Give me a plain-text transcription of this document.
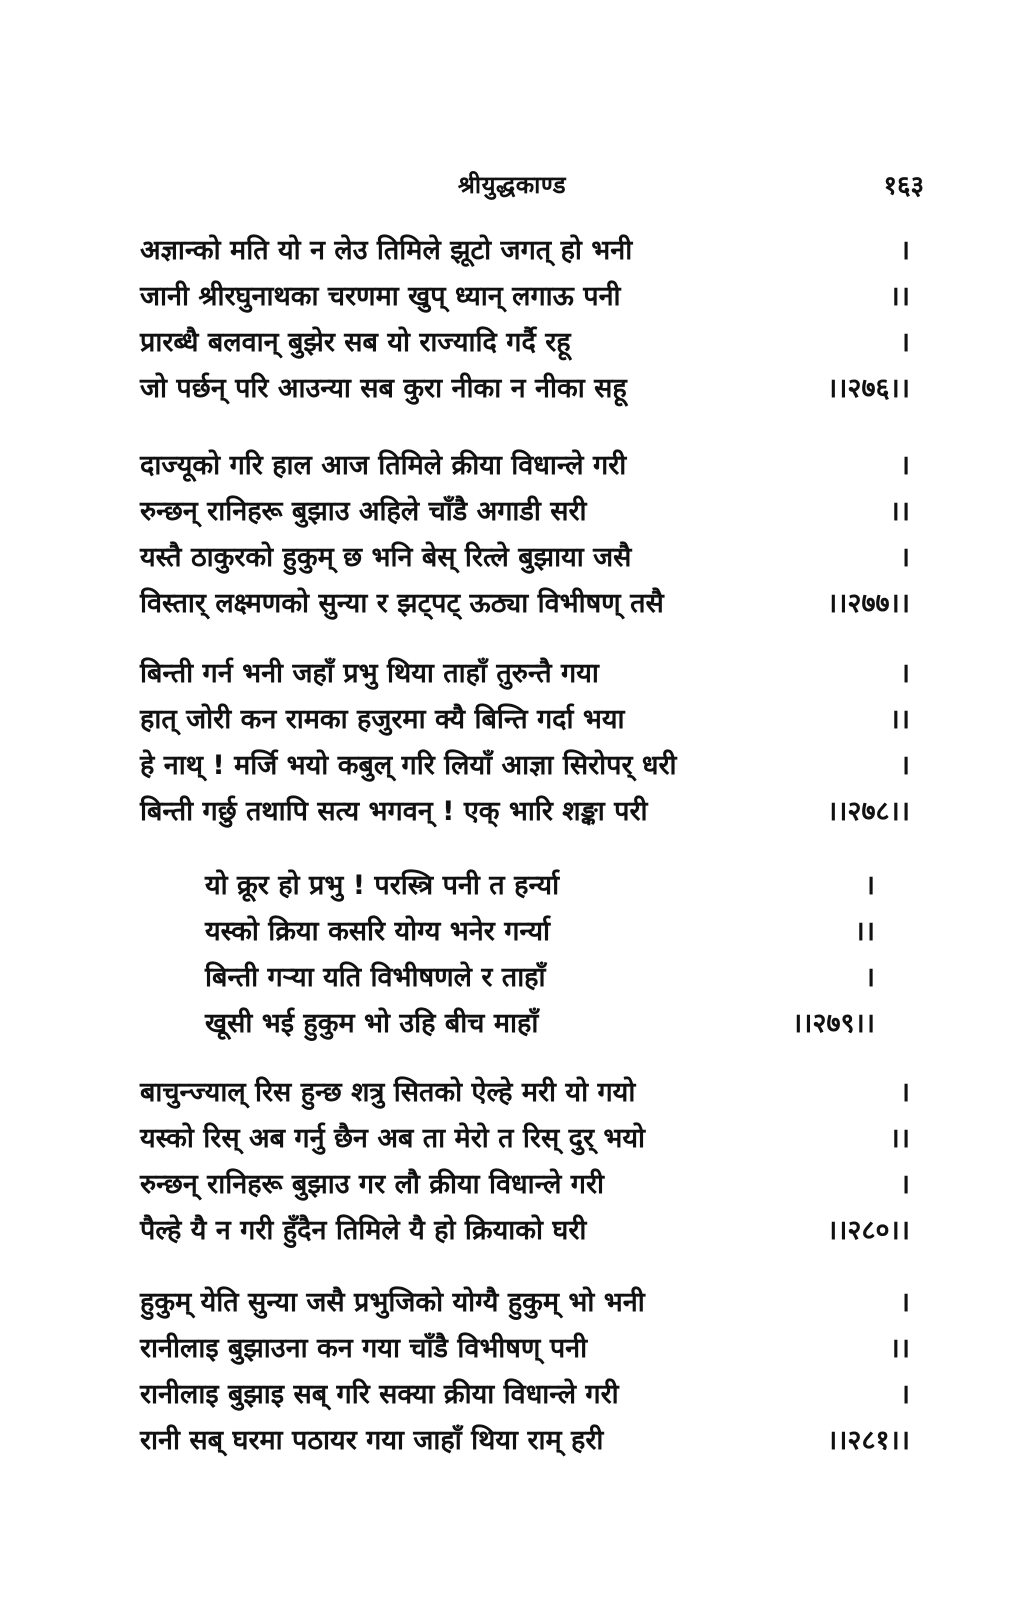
श्रीयुद्धकाण्ड	१६३
अज्ञान्को मति यो न लेउ तिमिले झूटो जगत् हो भनी	।
जानी श्रीरघुनाथका चरणमा खुप् ध्यान् लगाऊ पनी	।।
प्रारब्धै बलवान् बुझेर सब यो राज्यादि गर्दै रहू	।
जो पर्छन् परि आउन्या सब कुरा नीका न नीका सहू	।।२७६।।
दाज्यूको गरि हाल आज तिमिले क्रीया विधान्ले गरी	।
रुन्छन् रानिहरू बुझाउ अहिले चाँडै अगाडी सरी	।।
यस्तै ठाकुरको हुकुम् छ भनि बेस् रित्ले बुझाया जसै	।
विस्तार् लक्ष्मणको सुन्या र झट्पट् ऊठ्या विभीषण् तसै	।।२७७।।
बिन्ती गर्न भनी जहाँ प्रभु थिया ताहाँ तुरुन्तै गया	।
हात् जोरी कन रामका हजुरमा क्यै बिन्ति गर्दा भया	।।
हे नाथ् ! मर्जि भयो कबुल् गरि लियाँ आज्ञा सिरोपर् धरी	।
बिन्ती गर्छु तथापि सत्य भगवन् ! एक् भारि शङ्का परी	।।२७८।।
यो क्रूर हो प्रभु ! परस्त्रि पनी त हर्न्या	।
यस्को क्रिया कसरि योग्य भनेर गर्न्या	।।
बिन्ती गऱ्या यति विभीषणले र ताहाँ	।
खूसी भई हुकुम भो उहि बीच माहाँ	।।२७९।।
बाचुन्ज्याल् रिस हुन्छ शत्रु सितको ऐल्हे मरी यो गयो	।
यस्को रिस् अब गर्नु छैन अब ता मेरो त रिस् दुर् भयो	।।
रुन्छन् रानिहरू बुझाउ गर लौ क्रीया विधान्ले गरी	।
पैल्हे यै न गरी हुँदैन तिमिले यै हो क्रियाको घरी	।।२८०।।
हुकुम् येति सुन्या जसै प्रभुजिको योग्यै हुकुम् भो भनी	।
रानीलाइ बुझाउना कन गया चाँडै विभीषण् पनी	।।
रानीलाइ बुझाइ सब् गरि सक्या क्रीया विधान्ले गरी	।
रानी सब् घरमा पठायर गया जाहाँ थिया राम् हरी	।।२८१।।
